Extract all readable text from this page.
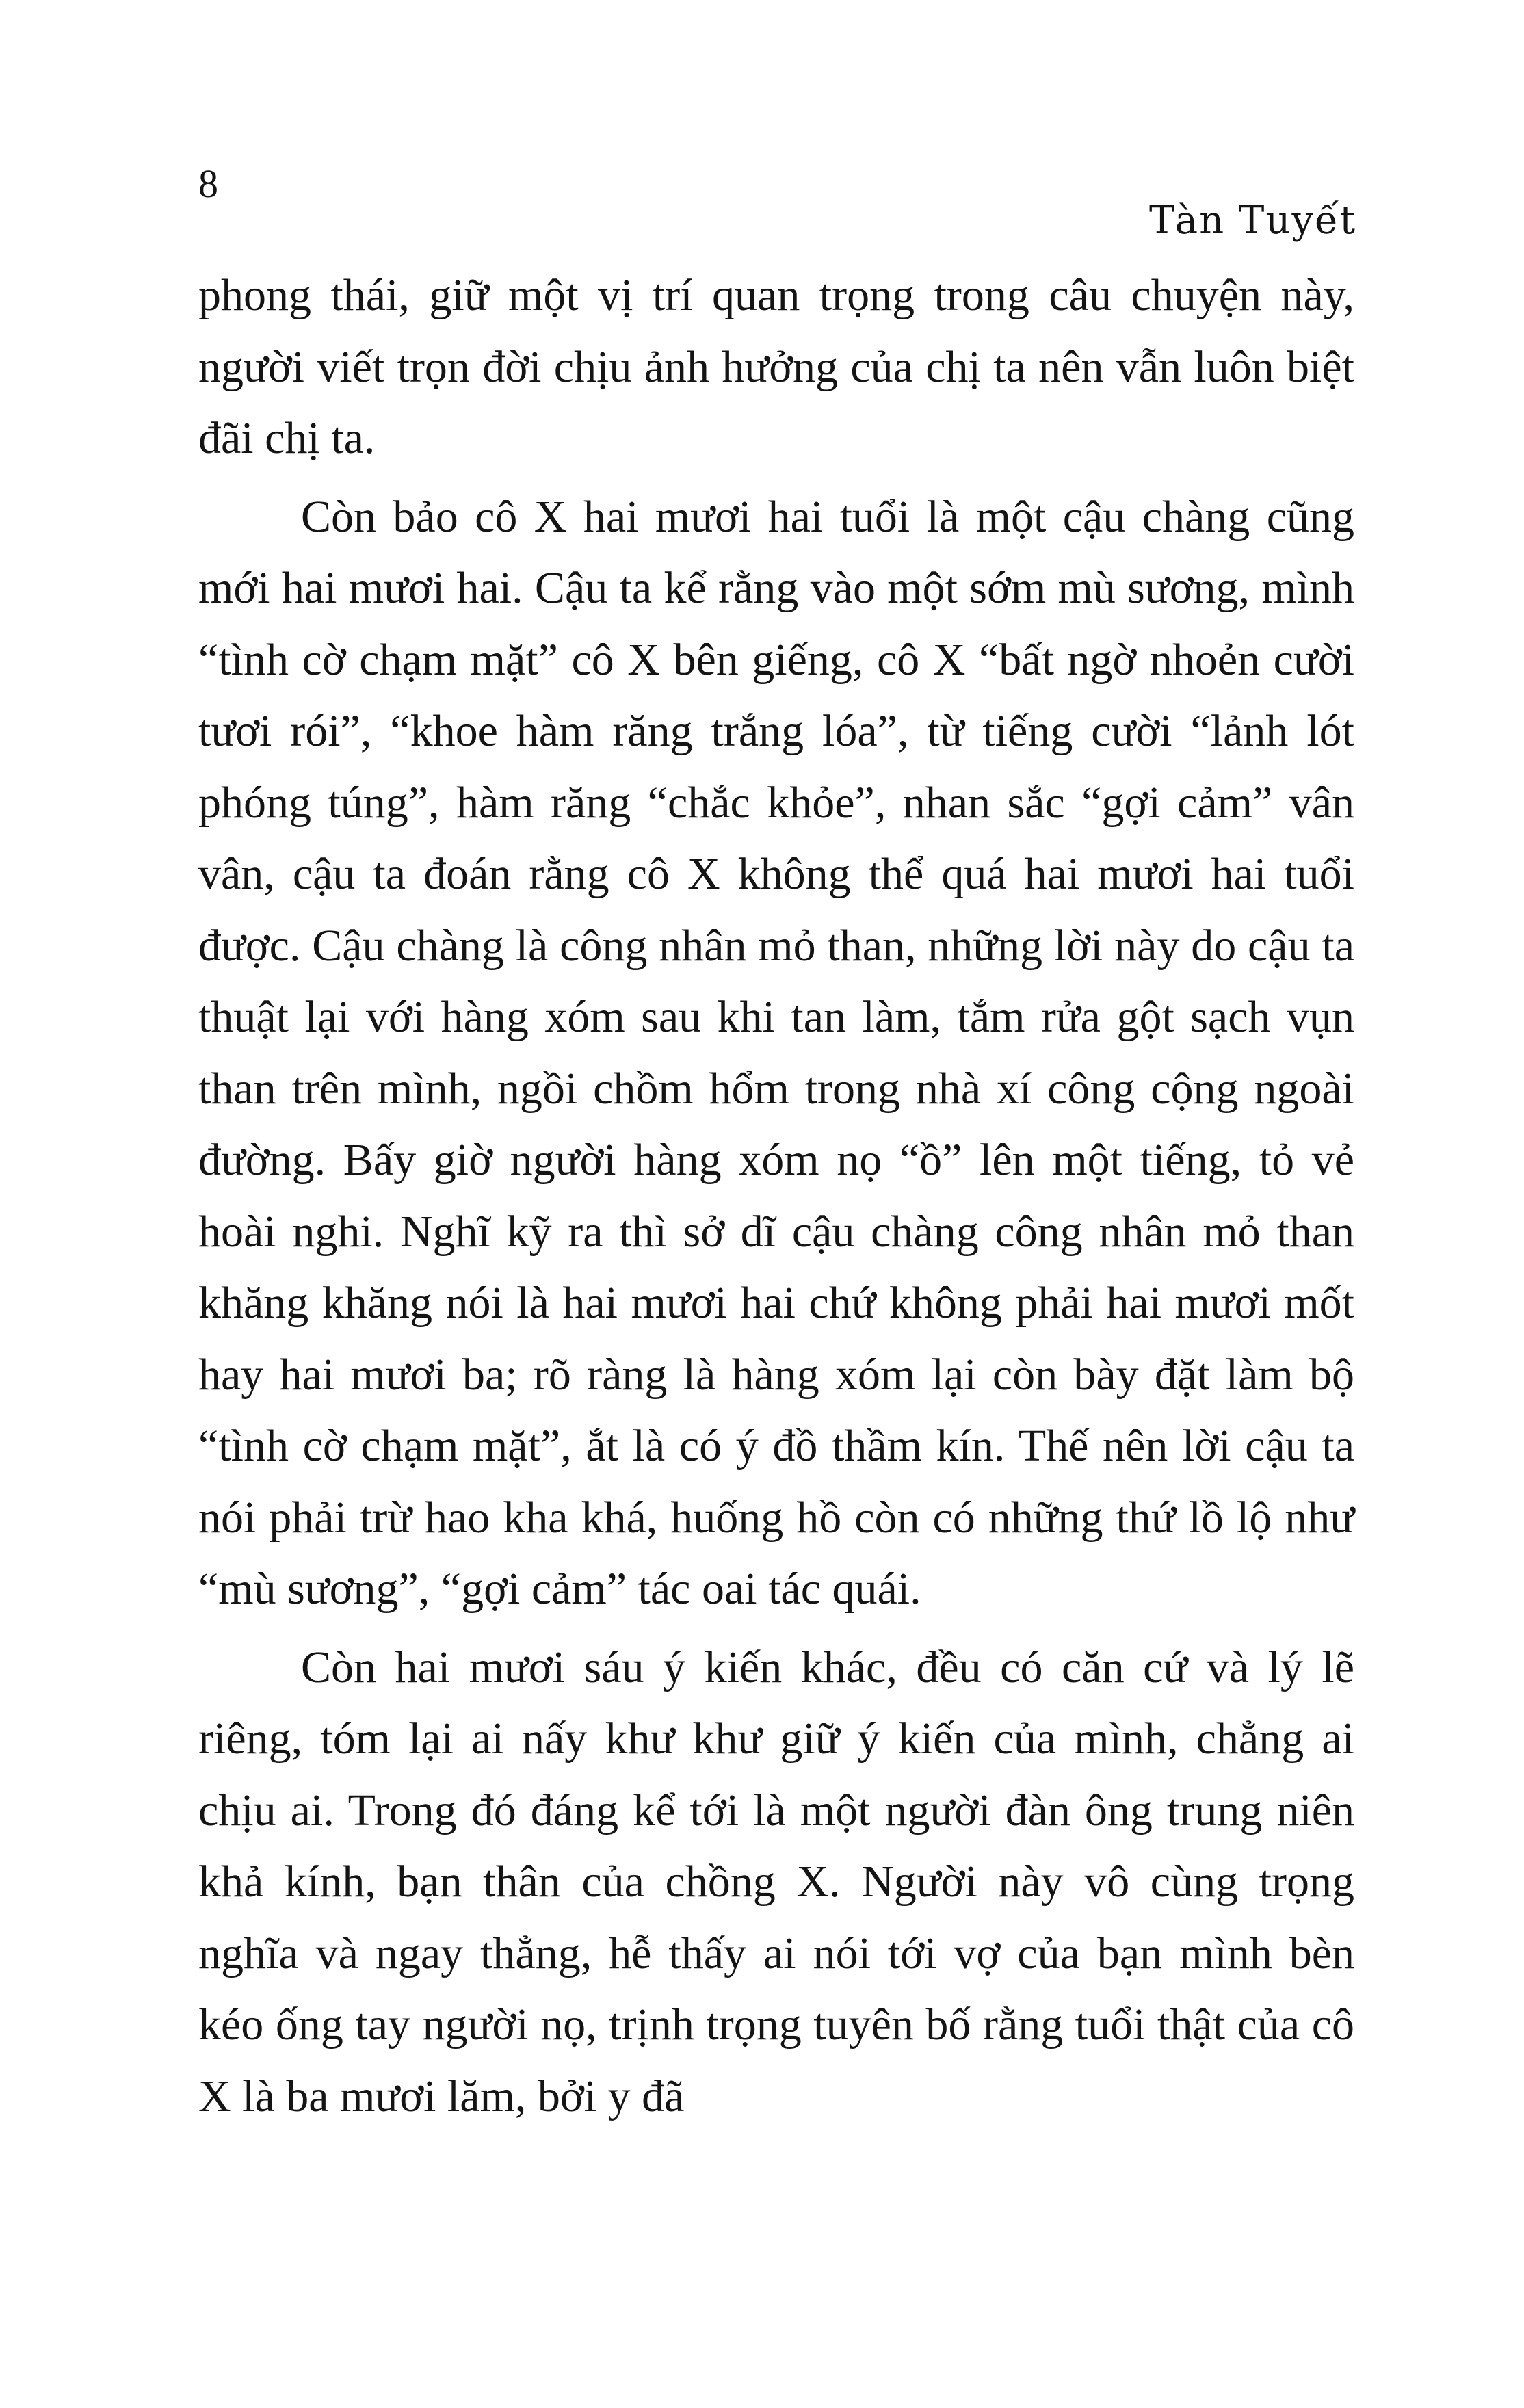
8
Tàn Tuyết

phong thái, giữ một vị trí quan trọng trong câu chuyện này, người viết trọn đời chịu ảnh hưởng của chị ta nên vẫn luôn biệt đãi chị ta.

Còn bảo cô X hai mươi hai tuổi là một cậu chàng cũng mới hai mươi hai. Cậu ta kể rằng vào một sớm mù sương, mình “tình cờ chạm mặt” cô X bên giếng, cô X “bất ngờ nhoẻn cười tươi rói”, “khoe hàm răng trắng lóa”, từ tiếng cười “lảnh lót phóng túng”, hàm răng “chắc khỏe”, nhan sắc “gợi cảm” vân vân, cậu ta đoán rằng cô X không thể quá hai mươi hai tuổi được. Cậu chàng là công nhân mỏ than, những lời này do cậu ta thuật lại với hàng xóm sau khi tan làm, tắm rửa gột sạch vụn than trên mình, ngồi chồm hổm trong nhà xí công cộng ngoài đường. Bấy giờ người hàng xóm nọ “ồ” lên một tiếng, tỏ vẻ hoài nghi. Nghĩ kỹ ra thì sở dĩ cậu chàng công nhân mỏ than khăng khăng nói là hai mươi hai chứ không phải hai mươi mốt hay hai mươi ba; rõ ràng là hàng xóm lại còn bày đặt làm bộ “tình cờ chạm mặt”, ắt là có ý đồ thầm kín. Thế nên lời cậu ta nói phải trừ hao kha khá, huống hồ còn có những thứ lồ lộ như “mù sương”, “gợi cảm” tác oai tác quái.

Còn hai mươi sáu ý kiến khác, đều có căn cứ và lý lẽ riêng, tóm lại ai nấy khư khư giữ ý kiến của mình, chẳng ai chịu ai. Trong đó đáng kể tới là một người đàn ông trung niên khả kính, bạn thân của chồng X. Người này vô cùng trọng nghĩa và ngay thẳng, hễ thấy ai nói tới vợ của bạn mình bèn kéo ống tay người nọ, trịnh trọng tuyên bố rằng tuổi thật của cô X là ba mươi lăm, bởi y đã
